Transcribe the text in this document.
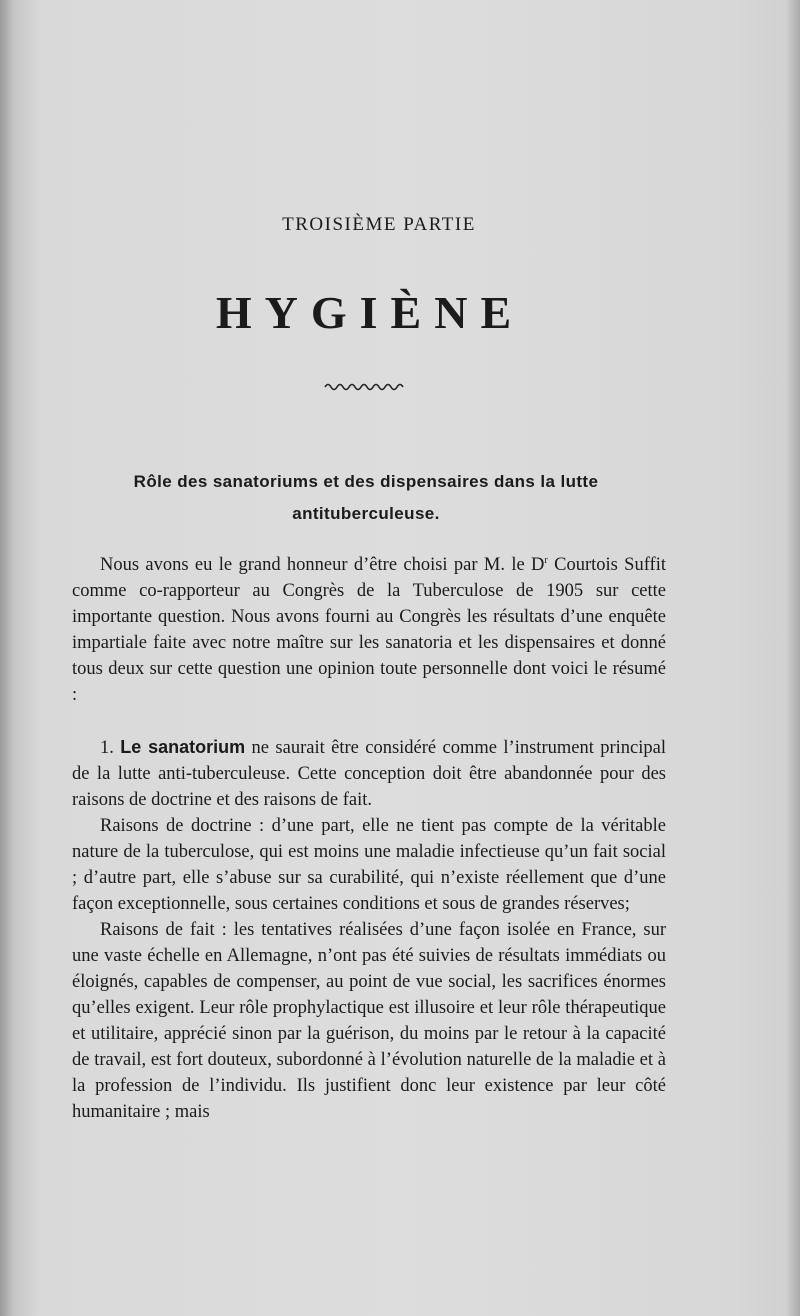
TROISIÈME PARTIE
HYGIÈNE
Rôle des sanatoriums et des dispensaires dans la lutte
antituberculeuse.

Nous avons eu le grand honneur d’être choisi par M. le $D^r$ Courtois Suffit comme co-rapporteur au Congrès de la Tuberculose de 1905 sur cette importante question. Nous avons fourni au Congrès les résultats d’une enquête impartiale faite avec notre maître sur les sanatoria et les dispensaires et donné tous deux sur cette question une opinion toute personnelle dont voici le résumé :

1. Le sanatorium ne saurait être considéré comme l’instrument principal de la lutte anti-tuberculeuse. Cette conception doit être abandonnée pour des raisons de doctrine et des raisons de fait.

Raisons de doctrine : d’une part, elle ne tient pas compte de la véritable nature de la tuberculose, qui est moins une maladie infectieuse qu’un fait social ; d’autre part, elle s’abuse sur sa curabilité, qui n’existe réellement que d’une façon exceptionnelle, sous certaines conditions et sous de grandes réserves;

Raisons de fait : les tentatives réalisées d’une façon isolée en France, sur une vaste échelle en Allemagne, n’ont pas été suivies de résultats immédiats ou éloignés, capables de compenser, au point de vue social, les sacrifices énormes qu’elles exigent. Leur rôle prophylactique est illusoire et leur rôle thérapeutique et utilitaire, apprécié sinon par la guérison, du moins par le retour à la capacité de travail, est fort douteux, subordonné à l’évolution naturelle de la maladie et à la profession de l’individu. Ils justifient donc leur existence par leur côté humanitaire ; mais
